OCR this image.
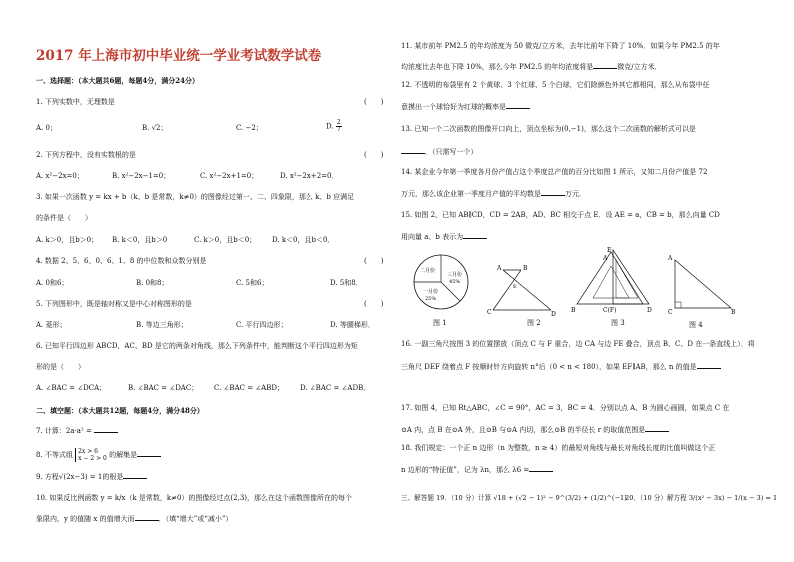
2017 年上海市初中毕业统一学业考试数学试卷
一、选择题：（本大题共6题，每题4分，满分24分）
1. 下列实数中，无理数是	(　　)
A. 0；	B. √2；	C. −2；	D. $\frac{2}{7}$
2. 下列方程中，没有实数根的是	(　　)
A. x²−2x=0；	B. x²−2x−1=0；	C. x²−2x+1=0；	D. x²−2x+2=0．
3. 如果一次函数 y = kx + b（k、b 是常数，k≠0）的图像经过第一、二、四象限，那么 k、b 应满足
的条件是（　　）
A. k＞0，且b＞0； B. k＜0，且b＞0	C. k＞0，且b＜0； D. k＜0，且b＜0．
4. 数据 2、5、6、0、6、1、8 的中位数和众数分别是	(　　)
A. 0和6；	B. 0和8；	C. 5和6；	D. 5和8．
5. 下列图形中，既是轴对称又是中心对称图形的是	(　　)
A. 菱形；	B. 等边三角形；	C. 平行四边形；	D. 等腰梯形．
6. 已知平行四边形 ABCD，AC、BD 是它的两条对角线，那么下列条件中，能判断这个平行四边形为矩
形的是（　　）
A. ∠BAC = ∠DCA；	B. ∠BAC = ∠DAC； C. ∠BAC = ∠ABD； D. ∠BAC = ∠ADB．
二、填空题：（本大题共12题，每题4分，满分48分）
7. 计算：2a·a² =
8. 不等式组 2x > 6
x − 2 > 0 的解集是
9. 方程√(2x−3) = 1的根是
10. 如果反比例函数 y = k/x（k 是常数，k≠0）的图像经过点(2,3)，那么在这个函数图像所在的每个
象限内，y 的值随 x 的值增大而	．（填“增大”或“减小”）
11. 某市前年 PM2.5 的年均浓度为 50 微克/立方米，去年比前年下降了 10%．如果今年 PM2.5 的年
均浓度比去年也下降 10%，那么今年 PM2.5 的年均浓度将是	微克/立方米．
12. 不透明的布袋里有 2 个黄球、3 个红球、5 个白球，它们除颜色外其它都相同，那么从布袋中任
意摸出一个球恰好为红球的概率是
13. 已知一个二次函数的图像开口向上，顶点坐标为(0,−1)，那么这个二次函数的解析式可以是
．（只需写一个）
14. 某企业今年第一季度各月份产值占这个季度总产值的百分比如图 1 所示，又知二月份产值是 72
万元，那么该企业第一季度月产值的平均数是	万元．
15. 如图 2，已知 AB∥CD，CD = 2AB，AD、BC 相交于点 E．设 AE = a，CB = b，那么向量 CD
用向量 a、b 表示为
二月份
三月份
45%
一月份
25%
图 1
A	B
E
C	D
图 2
E
A
B	C(F)	D
图 3
A
C	B
图 4
16. 一副三角尺按图 3 的位置摆放（顶点 C 与 F 重合，边 CA 与边 FE 叠合，顶点 B、C、D 在一条直线上）．将
三角尺 DEF 绕着点 F 按顺时针方向旋转 n°后（0 < n < 180），如果 EF∥AB，那么 n 的值是
17. 如图 4，已知 Rt△ABC，∠C = 90°，AC = 3，BC = 4．分别以点 A、B 为圆心画圆，如果点 C 在
⊙A 内，点 B 在⊙A 外，且⊙B 与⊙A 内切，那么⊙B 的半径长 r 的取值范围是
18. 我们规定：一个正 n 边形（n 为整数，n ≥ 4）的最短对角线与最长对角线长度的比值叫做这个正
n 边形的“特征值”，记为 λn，那么 λ6 =
三、解答题 19．（10 分）计算 √18 + (√2 − 1)² − 9^(3/2) + (1/2)^(−1)
20．（10 分）解方程 3/(x² − 3x) − 1/(x − 3) = 1
